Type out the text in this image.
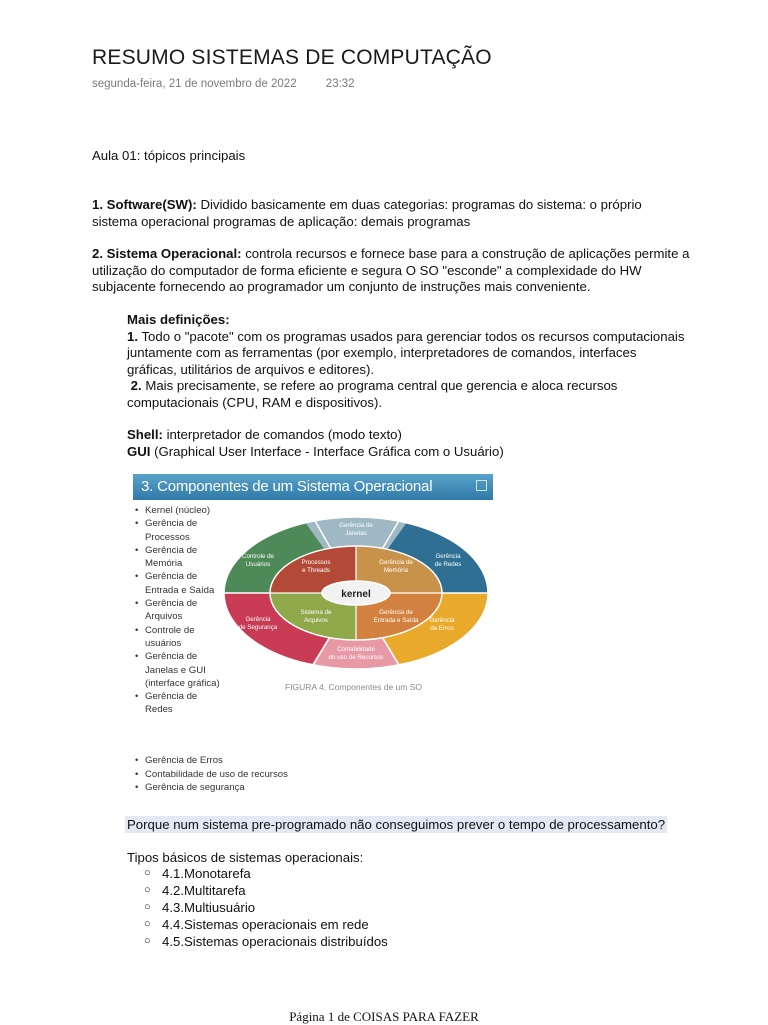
RESUMO SISTEMAS DE COMPUTAÇÃO
segunda-feira, 21 de novembro de 2022	23:32
Aula 01: tópicos principais
1. Software(SW): Dividido basicamente em duas categorias: programas do sistema: o próprio
sistema operacional programas de aplicação: demais programas
2. Sistema Operacional: controla recursos e fornece base para a construção de aplicações permite a
utilização do computador de forma eficiente e segura O SO "esconde" a complexidade do HW
subjacente fornecendo ao programador um conjunto de instruções mais conveniente.
Mais definições:
1. Todo o "pacote" com os programas usados para gerenciar todos os recursos computacionais
juntamente com as ferramentas (por exemplo, interpretadores de comandos, interfaces
gráficas, utilitários de arquivos e editores).
2. Mais precisamente, se refere ao programa central que gerencia e aloca recursos
computacionais (CPU, RAM e dispositivos).
Shell: interpretador de comandos (modo texto)
GUI (Graphical User Interface - Interface Gráfica com o Usuário)
3. Componentes de um Sistema Operacional
• Kernel (núcleo)
• Gerência de Processos
• Gerência de Memória
• Gerência de Entrada e Saída
• Gerência de Arquivos
• Controle de usuários
• Gerência de Janelas e GUI (interface gráfica)
• Gerência de Redes
kernel
Gerência de
Janelas
Gerência
de Redes
Gerência
de Erros
Contabilidade
do uso de Recursos
Gerência
de Segurança
Controle de
Usuários	Processos
e Threads
Gerência de
Memória
Sistema de
Arquivos
Gerência de
Entrada e Saída
FIGURA 4. Componentes de um SO
• Gerência de Erros
• Contabilidade de uso de recursos
• Gerência de segurança
Porque num sistema pre-programado não conseguimos prever o tempo de processamento?
Tipos básicos de sistemas operacionais:
○ 4.1.Monotarefa
○ 4.2.Multitarefa
○ 4.3.Multiusuário
○ 4.4.Sistemas operacionais em rede
○ 4.5.Sistemas operacionais distribuídos
Página 1 de COISAS PARA FAZER
